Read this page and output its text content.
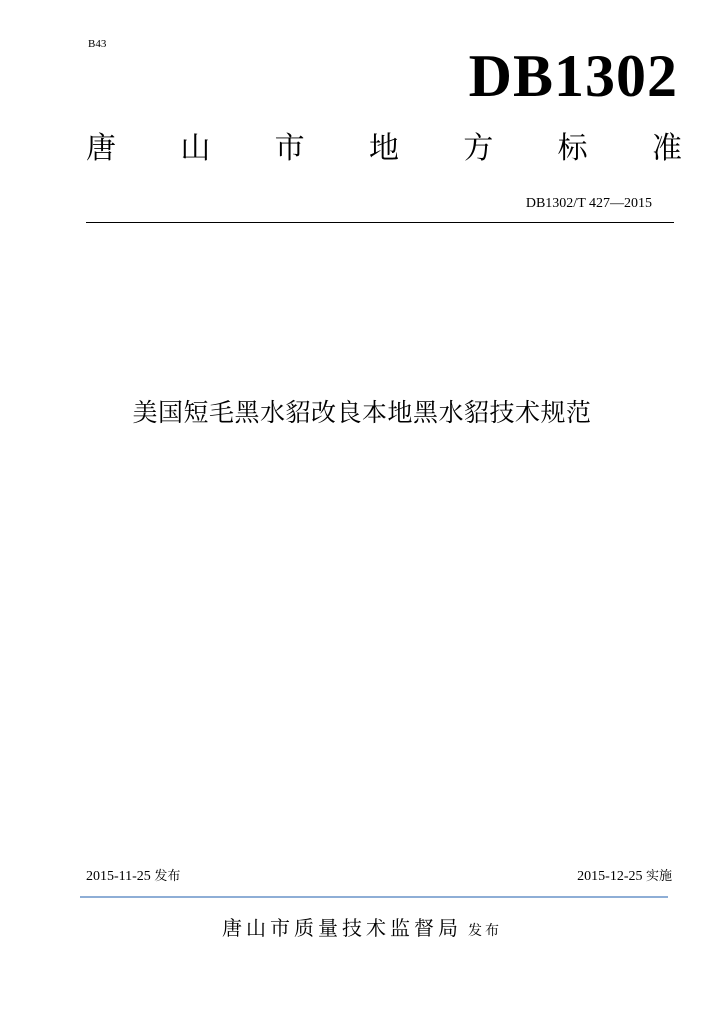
B43	DB1302
唐 山 市 地 方 标 准
DB1302/T 427—2015
美国短毛黑水貂改良本地黑水貂技术规范
2015-11-25 发布	2015-12-25 实施
唐山市质量技术监督局 发布
